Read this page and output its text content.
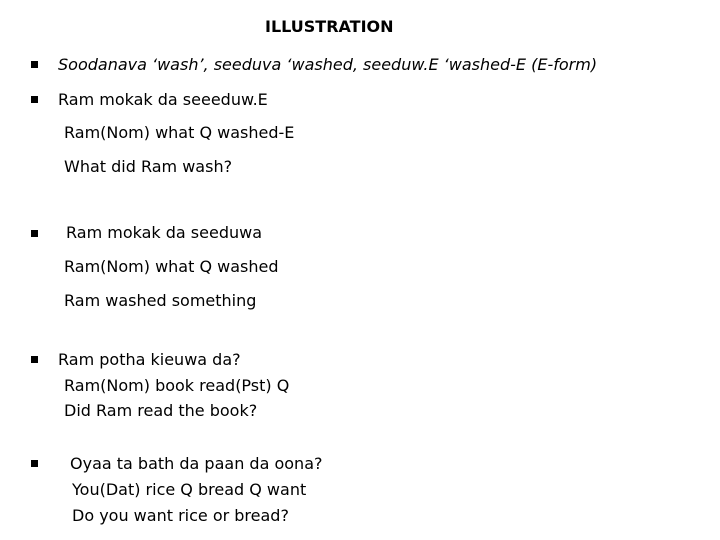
ILLUSTRATION
Soodanava ‘wash’, seeduva ‘washed, seeduw.E ‘washed-E (E-form)
Ram mokak da seeeduw.E
Ram(Nom) what Q washed-E
What did Ram wash?
Ram mokak da seeduwa
Ram(Nom) what Q washed
Ram washed something
Ram potha kieuwa da?
Ram(Nom) book read(Pst) Q
Did Ram read the book?
Oyaa ta bath da paan da oona?
You(Dat) rice Q bread Q want
Do you want rice or bread?
